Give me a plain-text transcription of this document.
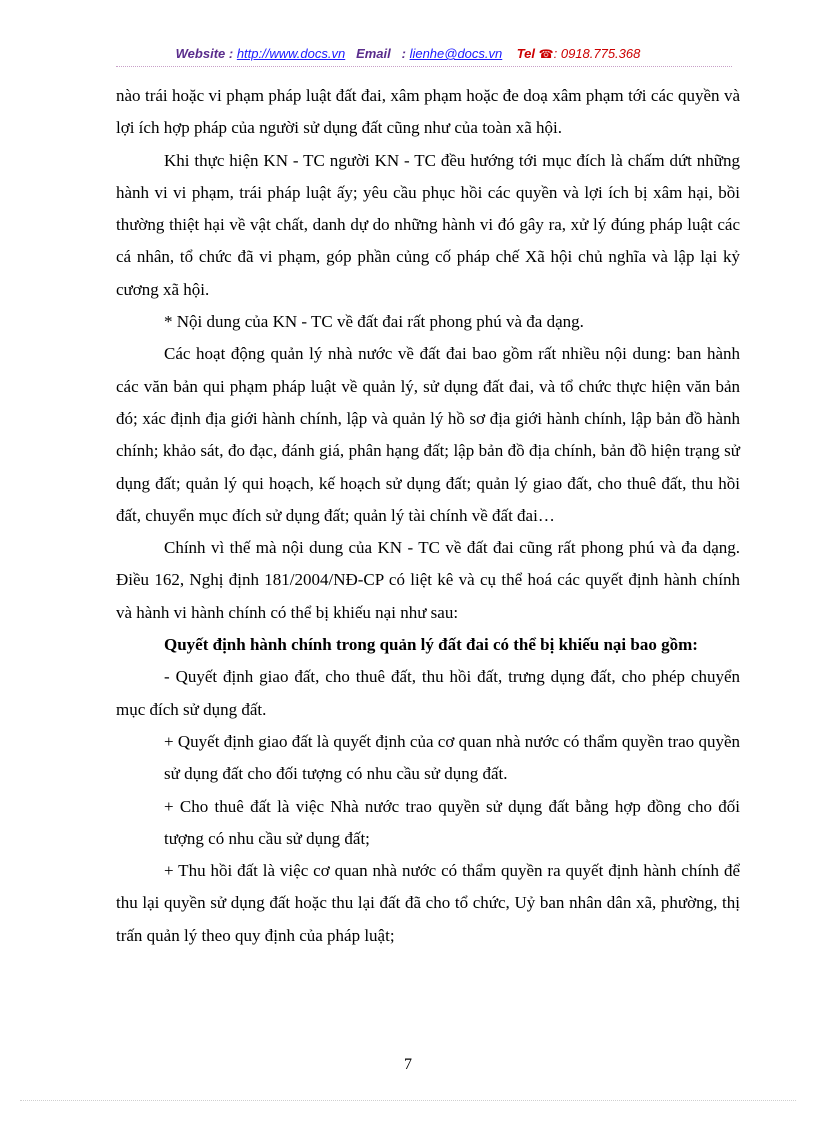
Website : http://www.docs.vn Email : lienhe@docs.vn Tel ☎: 0918.775.368

nào trái hoặc vi phạm pháp luật đất đai, xâm phạm hoặc đe doạ xâm phạm tới các quyền và lợi ích hợp pháp của người sử dụng đất cũng như của toàn xã hội.

Khi thực hiện KN - TC người KN - TC đều hướng tới mục đích là chấm dứt những hành vi vi phạm, trái pháp luật ấy; yêu cầu phục hồi các quyền và lợi ích bị xâm hại, bồi thường thiệt hại về vật chất, danh dự do những hành vi đó gây ra, xử lý đúng pháp luật các cá nhân, tổ chức đã vi phạm, góp phần củng cố pháp chế Xã hội chủ nghĩa và lập lại kỷ cương xã hội.

* Nội dung của KN - TC về đất đai rất phong phú và đa dạng.

Các hoạt động quản lý nhà nước về đất đai bao gồm rất nhiều nội dung: ban hành các văn bản qui phạm pháp luật về quản lý, sử dụng đất đai, và tổ chức thực hiện văn bản đó; xác định địa giới hành chính, lập và quản lý hồ sơ địa giới hành chính, lập bản đồ hành chính; khảo sát, đo đạc, đánh giá, phân hạng đất; lập bản đồ địa chính, bản đồ hiện trạng sử dụng đất; quản lý qui hoạch, kế hoạch sử dụng đất; quản lý giao đất, cho thuê đất, thu hồi đất, chuyển mục đích sử dụng đất; quản lý tài chính về đất đai…

Chính vì thế mà nội dung của KN - TC về đất đai cũng rất phong phú và đa dạng. Điều 162, Nghị định 181/2004/NĐ-CP có liệt kê và cụ thể hoá các quyết định hành chính và hành vi hành chính có thể bị khiếu nại như sau:

Quyết định hành chính trong quản lý đất đai có thể bị khiếu nại bao gồm:

- Quyết định giao đất, cho thuê đất, thu hồi đất, trưng dụng đất, cho phép chuyển mục đích sử dụng đất.

+ Quyết định giao đất là quyết định của cơ quan nhà nước có thẩm quyền trao quyền sử dụng đất cho đối tượng có nhu cầu sử dụng đất.

+ Cho thuê đất là việc Nhà nước trao quyền sử dụng đất bằng hợp đồng cho đối tượng có nhu cầu sử dụng đất;

+ Thu hồi đất là việc cơ quan nhà nước có thẩm quyền ra quyết định hành chính để thu lại quyền sử dụng đất hoặc thu lại đất đã cho tổ chức, Uỷ ban nhân dân xã, phường, thị trấn quản lý theo quy định của pháp luật;

7
